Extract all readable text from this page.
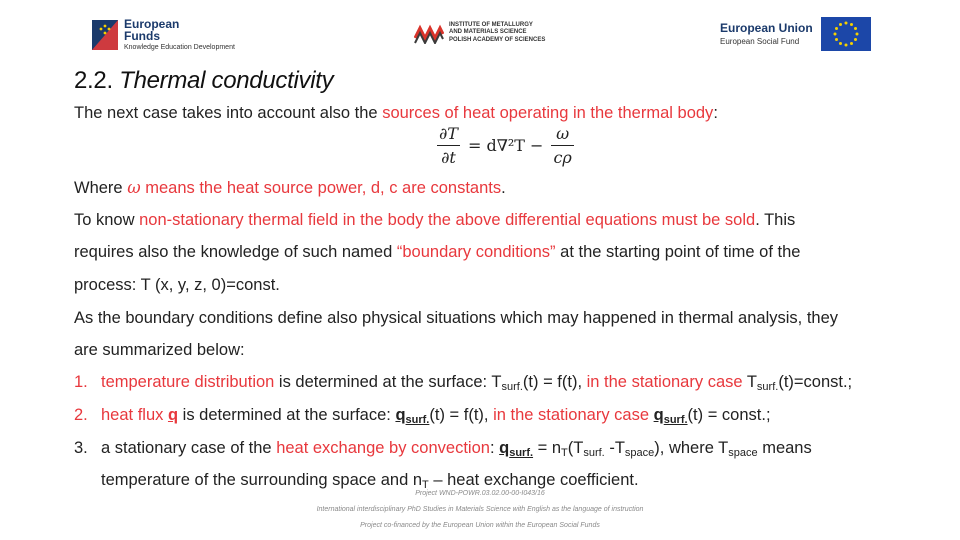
European
Funds
Knowledge Education Development
INSTITUTE OF METALLURGY
AND MATERIALS SCIENCE
POLISH ACADEMY OF SCIENCES
European Union
European Social Fund
2.2. Thermal conductivity
The next case takes into account also the sources of heat operating in the thermal body:
Where ω means the heat source power, d, c are constants.
To know non-stationary thermal field in the body the above differential equations must be sold. This
requires also the knowledge of such named “boundary conditions” at the starting point of time of the
process: T (x, y, z, 0)=const.
As the boundary conditions define also physical situations which may happened in thermal analysis, they
are summarized below:
1. temperature distribution is determined at the surface: $T_{surf.}(t) = f(t)$, in the stationary case $T_{surf.}(t)=const$.;
2. heat flux q is determined at the surface: $q_{surf.}(t) = f(t)$, in the stationary case $q_{surf.}(t)$ = const.;
3. a stationary case of the heat exchange by convection: $q_{surf.} = n_T(T_{surf.}$ $-T_{space}$), where $T_{space}$ means
temperature of the surrounding space and $n_T$ – heat exchange coefficient.
$\frac{\partial T}{\partial t} = d\nabla^2T - \frac{\omega}{c\rho}$
Project WND-POWR.03.02.00-00-I043/16
International interdisciplinary PhD Studies in Materials Science with English as the language of instruction
Project co-financed by the European Union within the European Social Funds
